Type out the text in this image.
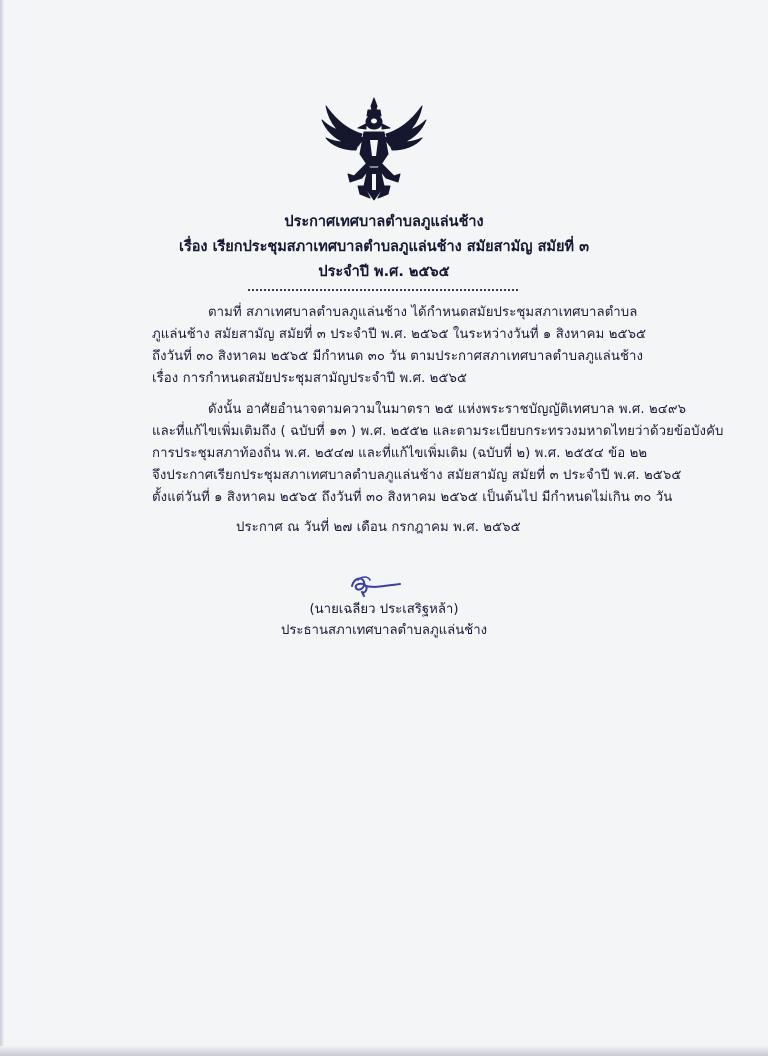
ประกาศเทศบาลตำบลภูแล่นช้าง
เรื่อง เรียกประชุมสภาเทศบาลตำบลภูแล่นช้าง สมัยสามัญ สมัยที่ ๓
ประจำปี พ.ศ. ๒๕๖๕
ตามที่ สภาเทศบาลตำบลภูแล่นช้าง ได้กำหนดสมัยประชุมสภาเทศบาลตำบล
ภูแล่นช้าง สมัยสามัญ สมัยที่ ๓ ประจำปี พ.ศ. ๒๕๖๕ ในระหว่างวันที่ ๑ สิงหาคม ๒๕๖๕
ถึงวันที่ ๓๐ สิงหาคม ๒๕๖๕ มีกำหนด ๓๐ วัน ตามประกาศสภาเทศบาลตำบลภูแล่นช้าง
เรื่อง การกำหนดสมัยประชุมสามัญประจำปี พ.ศ. ๒๕๖๕
ดังนั้น อาศัยอำนาจตามความในมาตรา ๒๕ แห่งพระราชบัญญัติเทศบาล พ.ศ. ๒๔๙๖
และที่แก้ไขเพิ่มเติมถึง ( ฉบับที่ ๑๓ ) พ.ศ. ๒๕๕๒ และตามระเบียบกระทรวงมหาดไทยว่าด้วยข้อบังคับ
การประชุมสภาท้องถิ่น พ.ศ. ๒๕๔๗ และที่แก้ไขเพิ่มเติม (ฉบับที่ ๒) พ.ศ. ๒๕๕๔ ข้อ ๒๒
จึงประกาศเรียกประชุมสภาเทศบาลตำบลภูแล่นช้าง สมัยสามัญ สมัยที่ ๓ ประจำปี พ.ศ. ๒๕๖๕
ตั้งแต่วันที่ ๑ สิงหาคม ๒๕๖๕ ถึงวันที่ ๓๐ สิงหาคม ๒๕๖๕ เป็นต้นไป มีกำหนดไม่เกิน ๓๐ วัน
ประกาศ ณ วันที่ ๒๗ เดือน กรกฎาคม พ.ศ. ๒๕๖๕
(นายเฉลียว ประเสริฐหล้า)
ประธานสภาเทศบาลตำบลภูแล่นช้าง
